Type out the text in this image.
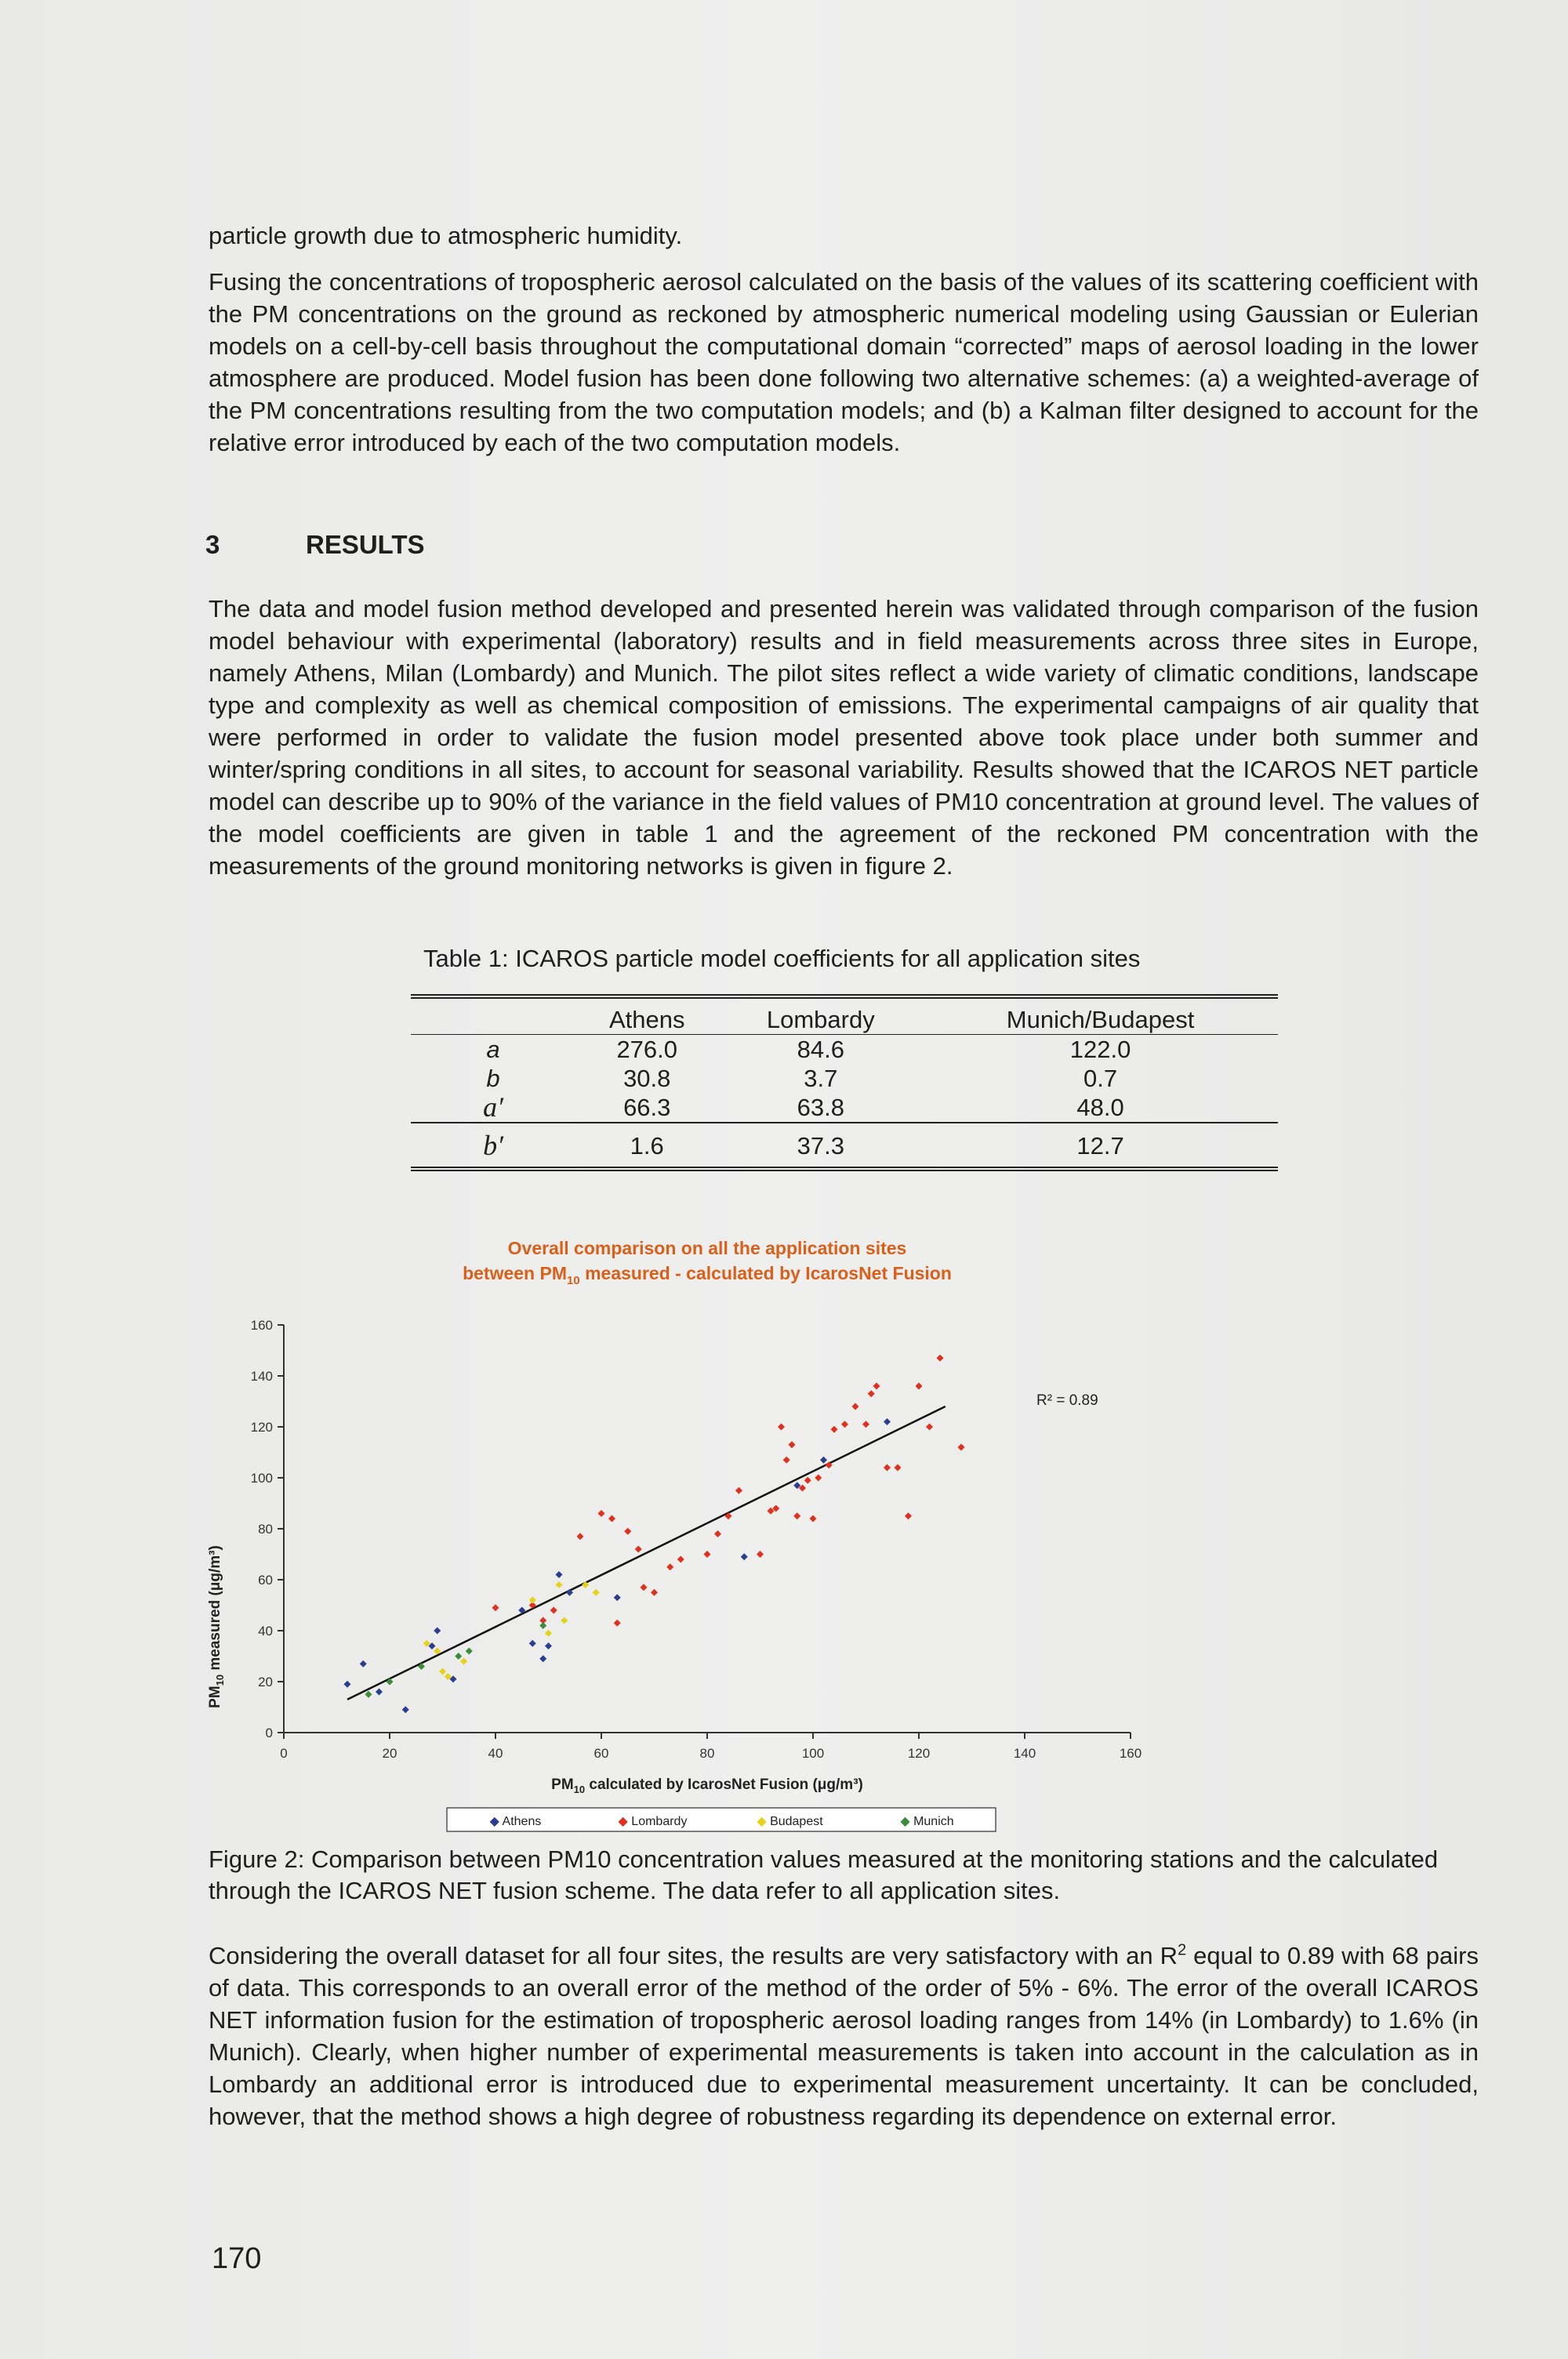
particle growth due to atmospheric humidity.

Fusing the concentrations of tropospheric aerosol calculated on the basis of the values of its scattering coefficient with the PM concentrations on the ground as reckoned by atmospheric numerical modeling using Gaussian or Eulerian models on a cell-by-cell basis throughout the computational domain “corrected” maps of aerosol loading in the lower atmosphere are produced. Model fusion has been done following two alternative schemes: (a) a weighted-average of the PM concentrations resulting from the two computation models; and (b) a Kalman filter designed to account for the relative error introduced by each of the two computation models.

3	RESULTS

The data and model fusion method developed and presented herein was validated through comparison of the fusion model behaviour with experimental (laboratory) results and in field measurements across three sites in Europe, namely Athens, Milan (Lombardy) and Munich. The pilot sites reflect a wide variety of climatic conditions, landscape type and complexity as well as chemical composition of emissions. The experimental campaigns of air quality that were performed in order to validate the fusion model presented above took place under both summer and winter/spring conditions in all sites, to account for seasonal variability. Results showed that the ICAROS NET particle model can describe up to 90% of the variance in the field values of PM10 concentration at ground level. The values of the model coefficients are given in table 1 and the agreement of the reckoned PM concentration with the measurements of the ground monitoring networks is given in figure 2.

Table 1: ICAROS particle model coefficients for all application sites
	Athens	Lombardy	Munich/Budapest
a	276.0	84.6	122.0
b	30.8	3.7	0.7
a′	66.3	63.8	48.0
b′	1.6	37.3	12.7
Overall comparison on all the application sites
between $PM_{10}$ measured - calculated by IcarosNet Fusion
0
20
40
60
80
100
120
140
160
0	20	40	60	80	100	120	140	160
$PM_{10}$ measured (μg/m³)
$PM_{10}$ calculated by IcarosNet Fusion (μg/m³)
R² = 0.89
◆ Athens	◆ Lombardy	◆ Budapest	◆ Munich
Figure 2: Comparison between PM10 concentration values measured at the monitoring stations and the calculated through the ICAROS NET fusion scheme. The data refer to all application sites.

Considering the overall dataset for all four sites, the results are very satisfactory with an $R^2$ equal to 0.89 with 68 pairs of data. This corresponds to an overall error of the method of the order of 5% - 6%. The error of the overall ICAROS NET information fusion for the estimation of tropospheric aerosol loading ranges from 14% (in Lombardy) to 1.6% (in Munich). Clearly, when higher number of experimental measurements is taken into account in the calculation as in Lombardy an additional error is introduced due to experimental measurement uncertainty. It can be concluded, however, that the method shows a high degree of robustness regarding its dependence on external error.

170
